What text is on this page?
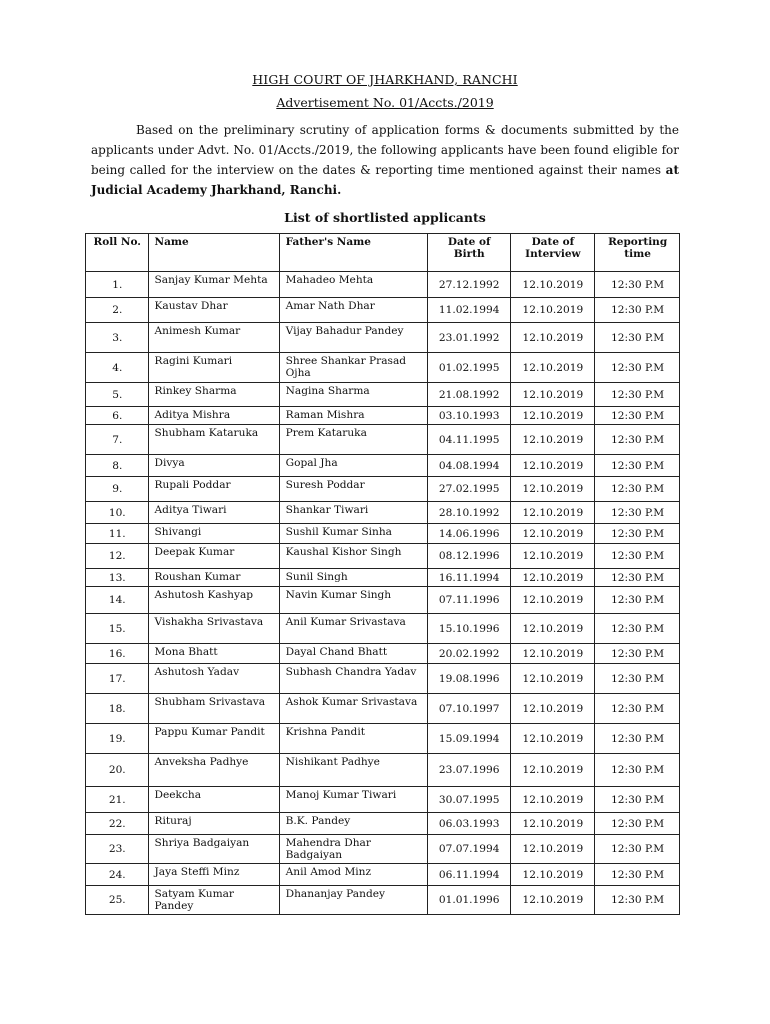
HIGH COURT OF JHARKHAND, RANCHI
Advertisement No. 01/Accts./2019
Based on the preliminary scrutiny of application forms & documents submitted by the applicants under Advt. No. 01/Accts./2019, the following applicants have been found eligible for being called for the interview on the dates & reporting time mentioned against their names at Judicial Academy Jharkhand, Ranchi.
List of shortlisted applicants
Roll No.	Name	Father's Name	Date of Birth	Date of Interview	Reporting time
1.	Sanjay Kumar Mehta	Mahadeo Mehta	27.12.1992	12.10.2019	12:30 P.M
2.	Kaustav Dhar	Amar Nath Dhar	11.02.1994	12.10.2019	12:30 P.M
3.	Animesh Kumar	Vijay Bahadur Pandey	23.01.1992	12.10.2019	12:30 P.M
4.	Ragini Kumari	Shree Shankar Prasad Ojha	01.02.1995	12.10.2019	12:30 P.M
5.	Rinkey Sharma	Nagina Sharma	21.08.1992	12.10.2019	12:30 P.M
6.	Aditya Mishra	Raman Mishra	03.10.1993	12.10.2019	12:30 P.M
7.	Shubham Kataruka	Prem Kataruka	04.11.1995	12.10.2019	12:30 P.M
8.	Divya	Gopal Jha	04.08.1994	12.10.2019	12:30 P.M
9.	Rupali Poddar	Suresh Poddar	27.02.1995	12.10.2019	12:30 P.M
10.	Aditya Tiwari	Shankar Tiwari	28.10.1992	12.10.2019	12:30 P.M
11.	Shivangi	Sushil Kumar Sinha	14.06.1996	12.10.2019	12:30 P.M
12.	Deepak Kumar	Kaushal Kishor Singh	08.12.1996	12.10.2019	12:30 P.M
13.	Roushan Kumar	Sunil Singh	16.11.1994	12.10.2019	12:30 P.M
14.	Ashutosh Kashyap	Navin Kumar Singh	07.11.1996	12.10.2019	12:30 P.M
15.	Vishakha Srivastava	Anil Kumar Srivastava	15.10.1996	12.10.2019	12:30 P.M
16.	Mona Bhatt	Dayal Chand Bhatt	20.02.1992	12.10.2019	12:30 P.M
17.	Ashutosh Yadav	Subhash Chandra Yadav	19.08.1996	12.10.2019	12:30 P.M
18.	Shubham Srivastava	Ashok Kumar Srivastava	07.10.1997	12.10.2019	12:30 P.M
19.	Pappu Kumar Pandit	Krishna Pandit	15.09.1994	12.10.2019	12:30 P.M
20.	Anveksha Padhye	Nishikant Padhye	23.07.1996	12.10.2019	12:30 P.M
21.	Deekcha	Manoj Kumar Tiwari	30.07.1995	12.10.2019	12:30 P.M
22.	Rituraj	B.K. Pandey	06.03.1993	12.10.2019	12:30 P.M
23.	Shriya Badgaiyan	Mahendra Dhar Badgaiyan	07.07.1994	12.10.2019	12:30 P.M
24.	Jaya Steffi Minz	Anil Amod Minz	06.11.1994	12.10.2019	12:30 P.M
25.	Satyam Kumar Pandey	Dhananjay Pandey	01.01.1996	12.10.2019	12:30 P.M
